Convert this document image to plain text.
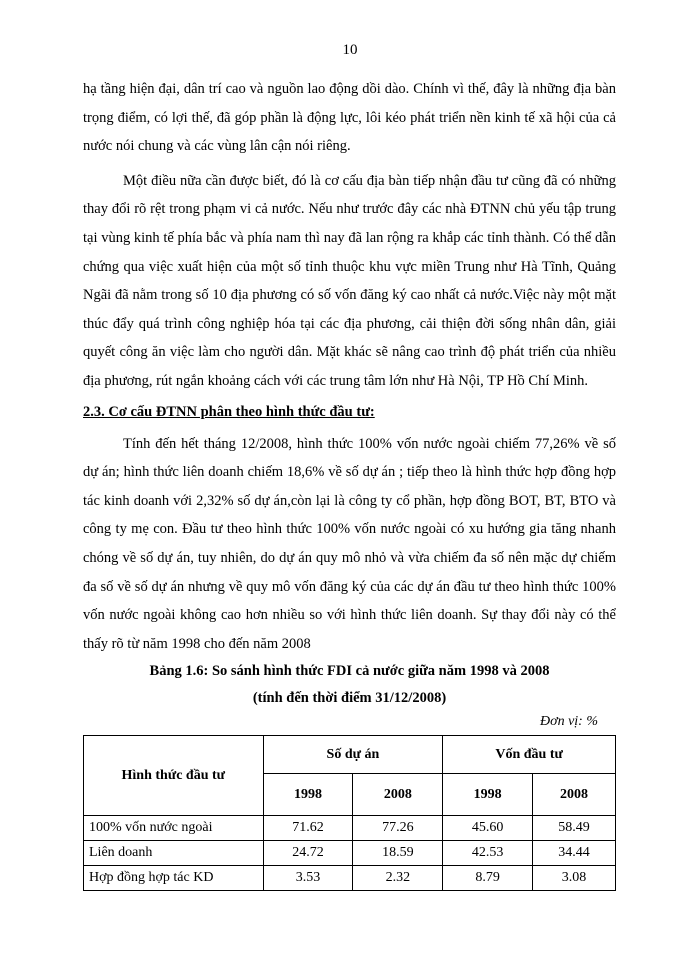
10

hạ tầng hiện đại, dân trí cao và nguồn lao động dồi dào. Chính vì thế, đây là những địa bàn trọng điểm, có lợi thế, đã góp phần là động lực, lôi kéo phát triển nền kinh tế xã hội của cả nước nói chung và các vùng lân cận nói riêng.

Một điều nữa cần được biết, đó là cơ cấu địa bàn tiếp nhận đầu tư cũng đã có những thay đổi rõ rệt trong phạm vi cả nước. Nếu như trước đây các nhà ĐTNN chủ yếu tập trung tại vùng kinh tế phía bắc và phía nam thì nay đã lan rộng ra khắp các tỉnh thành. Có thể dẫn chứng qua việc xuất hiện của một số tỉnh thuộc khu vực miền Trung như Hà Tĩnh, Quảng Ngãi đã nằm trong số 10 địa phương có số vốn đăng ký cao nhất cả nước.Việc này một mặt thúc đẩy quá trình công nghiệp hóa tại các địa phương, cải thiện đời sống nhân dân, giải quyết công ăn việc làm cho người dân. Mặt khác sẽ nâng cao trình độ phát triển của nhiều địa phương, rút ngắn khoảng cách với các trung tâm lớn như Hà Nội, TP Hồ Chí Minh.

2.3. Cơ cấu ĐTNN phân theo hình thức đầu tư:

Tính đến hết tháng 12/2008, hình thức 100% vốn nước ngoài chiếm 77,26% về số dự án; hình thức liên doanh chiếm 18,6% về số dự án ; tiếp theo là hình thức hợp đồng hợp tác kinh doanh với 2,32% số dự án,còn lại là công ty cổ phần, hợp đồng BOT, BT, BTO và công ty mẹ con. Đầu tư theo hình thức 100% vốn nước ngoài có xu hướng gia tăng nhanh chóng về số dự án, tuy nhiên, do dự án quy mô nhỏ và vừa chiếm đa số nên mặc dự chiếm đa số về số dự án nhưng về quy mô vốn đăng ký của các dự án đầu tư theo hình thức 100% vốn nước ngoài không cao hơn nhiều so với hình thức liên doanh. Sự thay đổi này có thể thấy rõ từ năm 1998 cho đến năm 2008

Bảng 1.6: So sánh hình thức FDI cả nước giữa năm 1998 và 2008
(tính đến thời điểm 31/12/2008)
Đơn vị: %
Hình thức đầu tư	Số dự án		Vốn đầu tư	
	1998	2008	1998	2008
100% vốn nước ngoài	71.62	77.26	45.60	58.49
Liên doanh	24.72	18.59	42.53	34.44
Hợp đồng hợp tác KD	3.53	2.32	8.79	3.08
